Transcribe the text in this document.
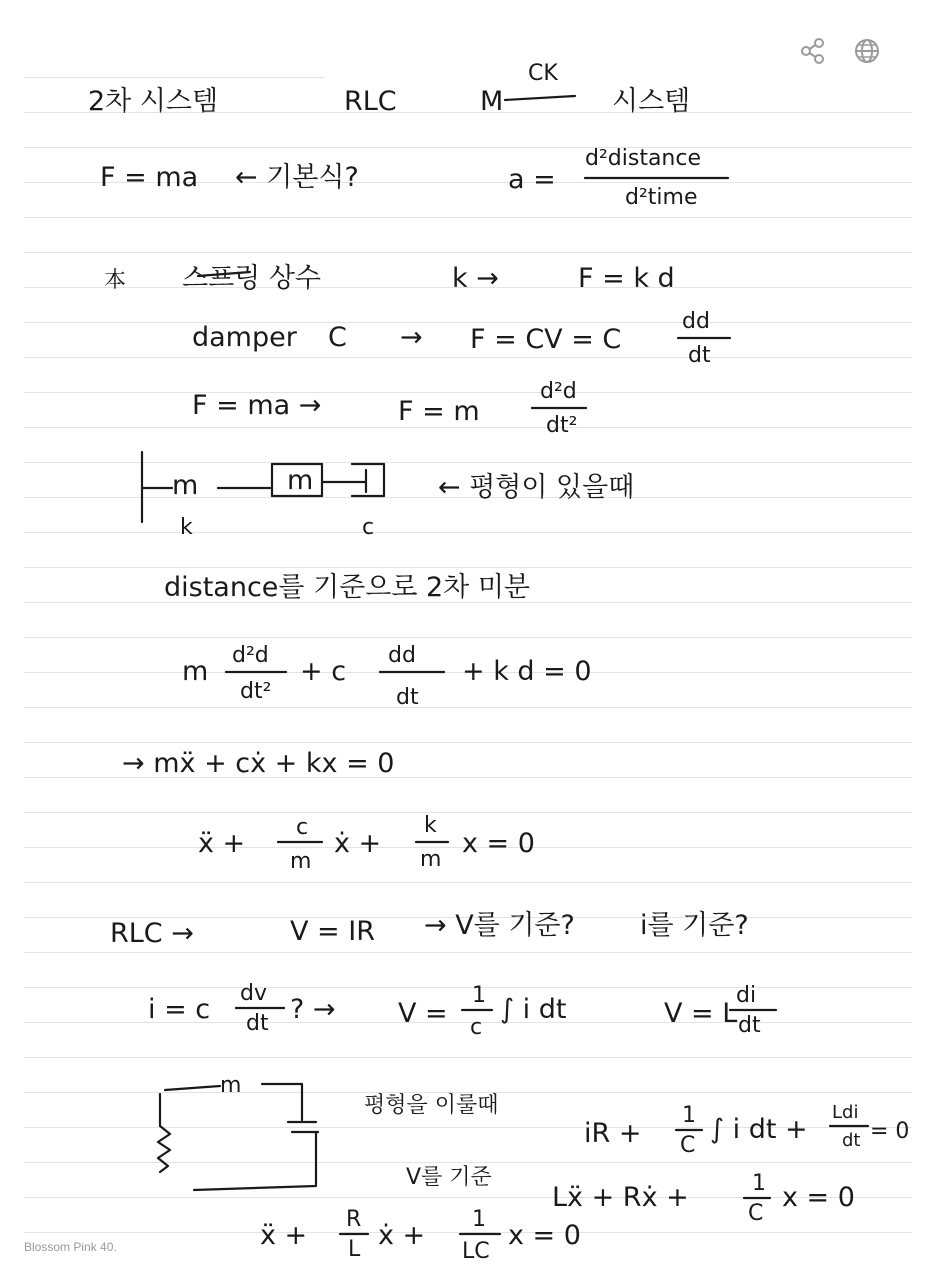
2차 시스템	RLC
CK
M	시스템
F = ma ← 기본식?	a =
d²distance
d²time
本 스프링 상수	k →	F = k d
damper C → F = CV = C
dd
dt
F = ma →	F = m
d²d
dt²
m	m
k	c
← 평형이 있을때
distance를 기준으로 2차 미분
m
d²d
dt²
+ c
dd
dt
+ k d = 0
→ mẍ + cẋ + kx = 0
ẍ +
c
m
ẋ +
k
m
x = 0
RLC →	V = IR → V를 기준? i를 기준?
i = c
dv
dt ? → V =
1
c
∫ i dt	V = L
di
dt
m
평형을 이룰때
V를 기준
iR +
1
C
∫ i dt +
Ldi
dt = 0
Lẍ + Rẋ +	1
C
x = 0
ẍ +
R
L ẋ +
1
LC
x = 0
Blossom Pink 40.
